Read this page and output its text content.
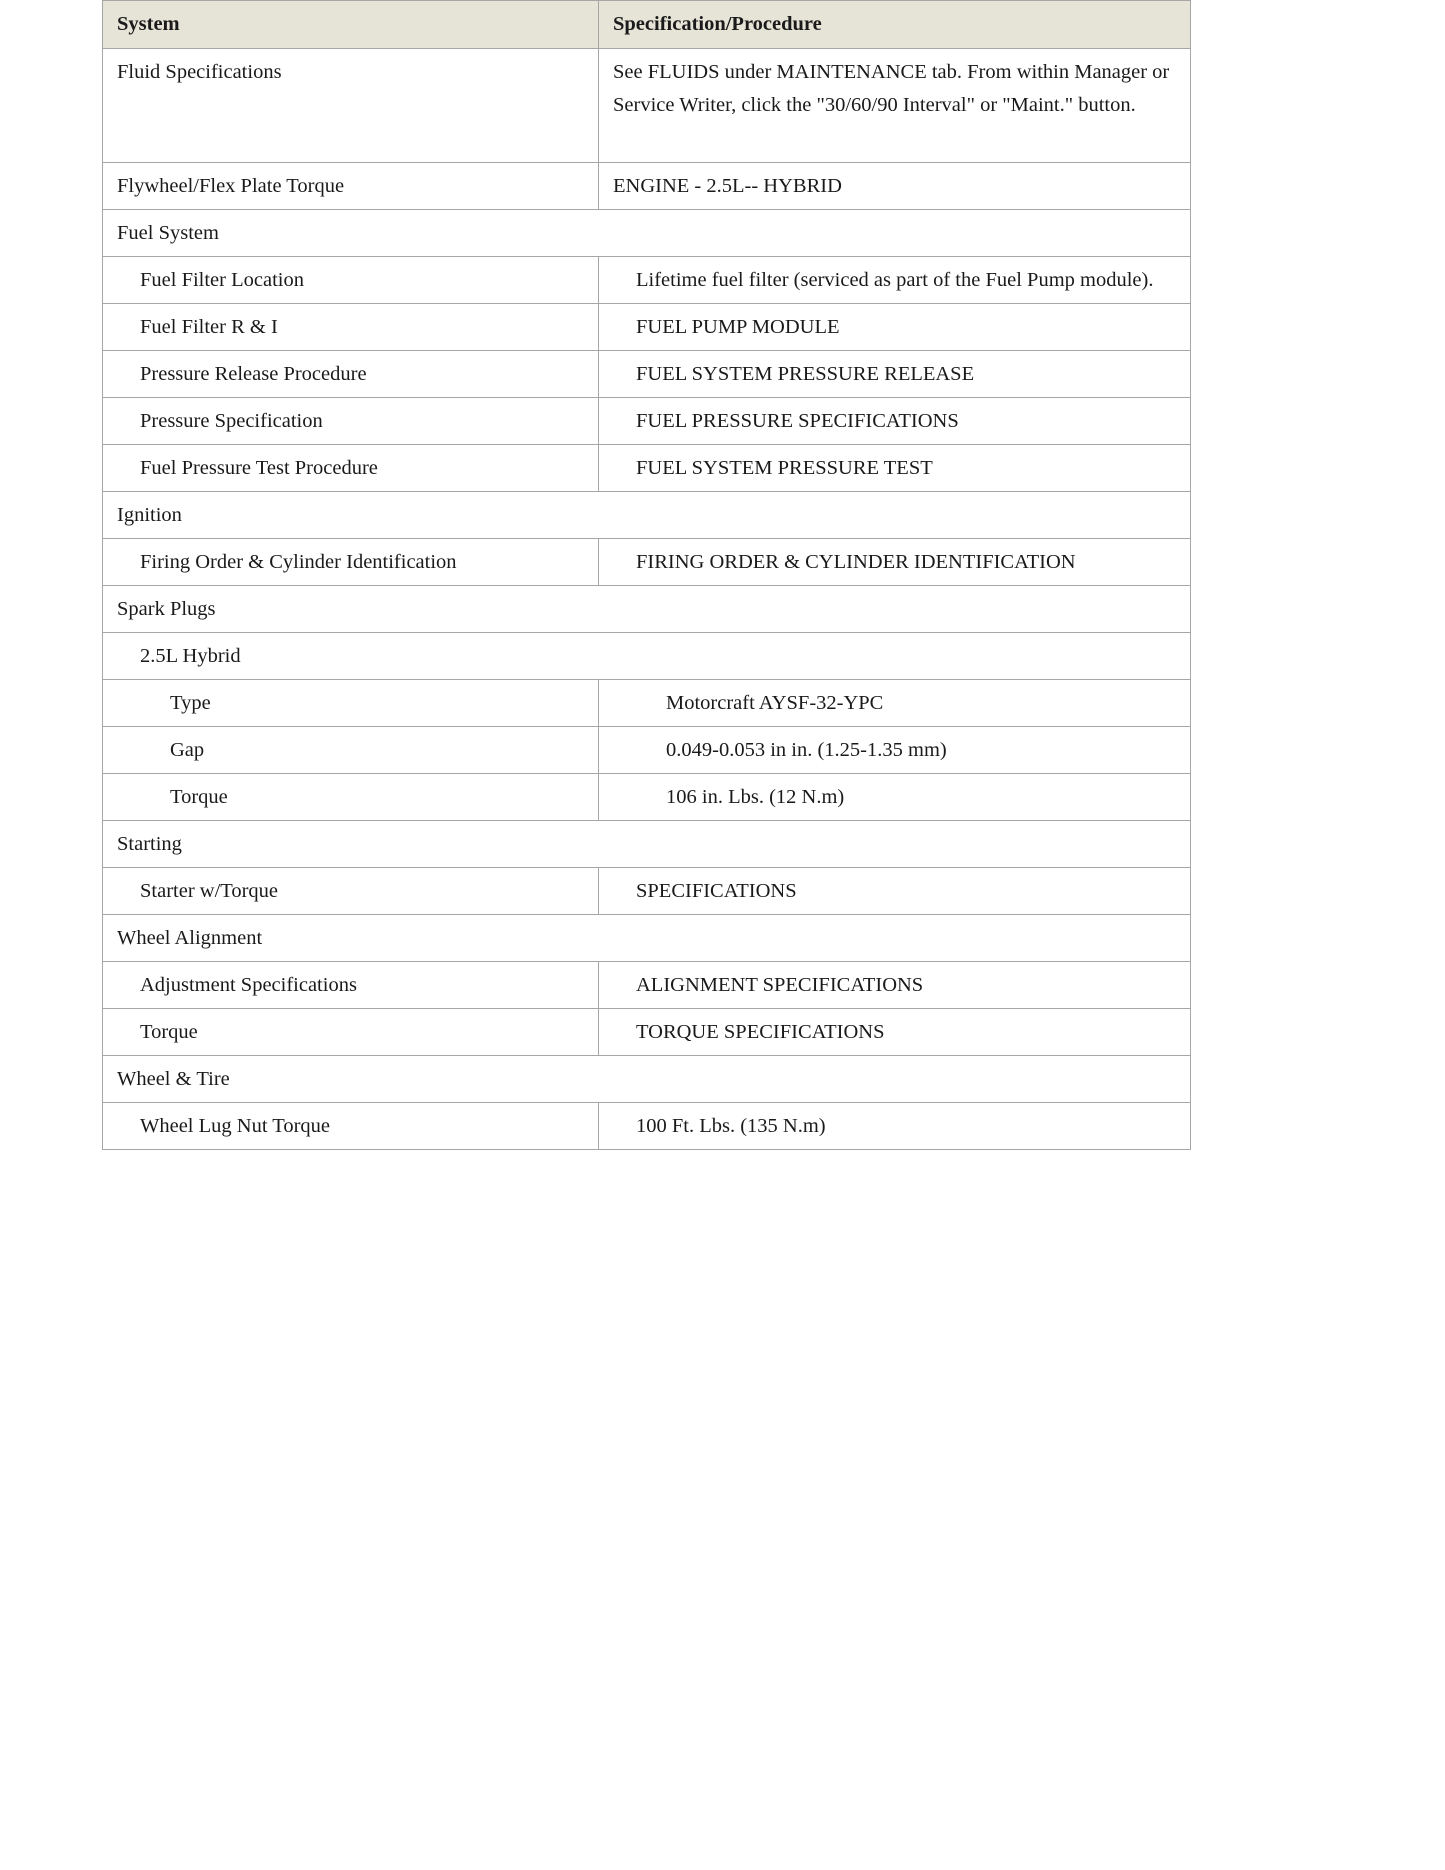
System	Specification/Procedure
Fluid Specifications	See FLUIDS under MAINTENANCE tab. From within Manager or Service Writer, click the "30/60/90 Interval" or "Maint." button.
Flywheel/Flex Plate Torque	ENGINE - 2.5L-- HYBRID
Fuel System	
Fuel Filter Location	Lifetime fuel filter (serviced as part of the Fuel Pump module).
Fuel Filter R & I	FUEL PUMP MODULE
Pressure Release Procedure	FUEL SYSTEM PRESSURE RELEASE
Pressure Specification	FUEL PRESSURE SPECIFICATIONS
Fuel Pressure Test Procedure	FUEL SYSTEM PRESSURE TEST
Ignition	
Firing Order & Cylinder Identification	FIRING ORDER & CYLINDER IDENTIFICATION
Spark Plugs	
2.5L Hybrid	
Type	Motorcraft AYSF-32-YPC
Gap	0.049-0.053 in in. (1.25-1.35 mm)
Torque	106 in. Lbs. (12 N.m)
Starting	
Starter w/Torque	SPECIFICATIONS
Wheel Alignment	
Adjustment Specifications	ALIGNMENT SPECIFICATIONS
Torque	TORQUE SPECIFICATIONS
Wheel & Tire	
Wheel Lug Nut Torque	100 Ft. Lbs. (135 N.m)
